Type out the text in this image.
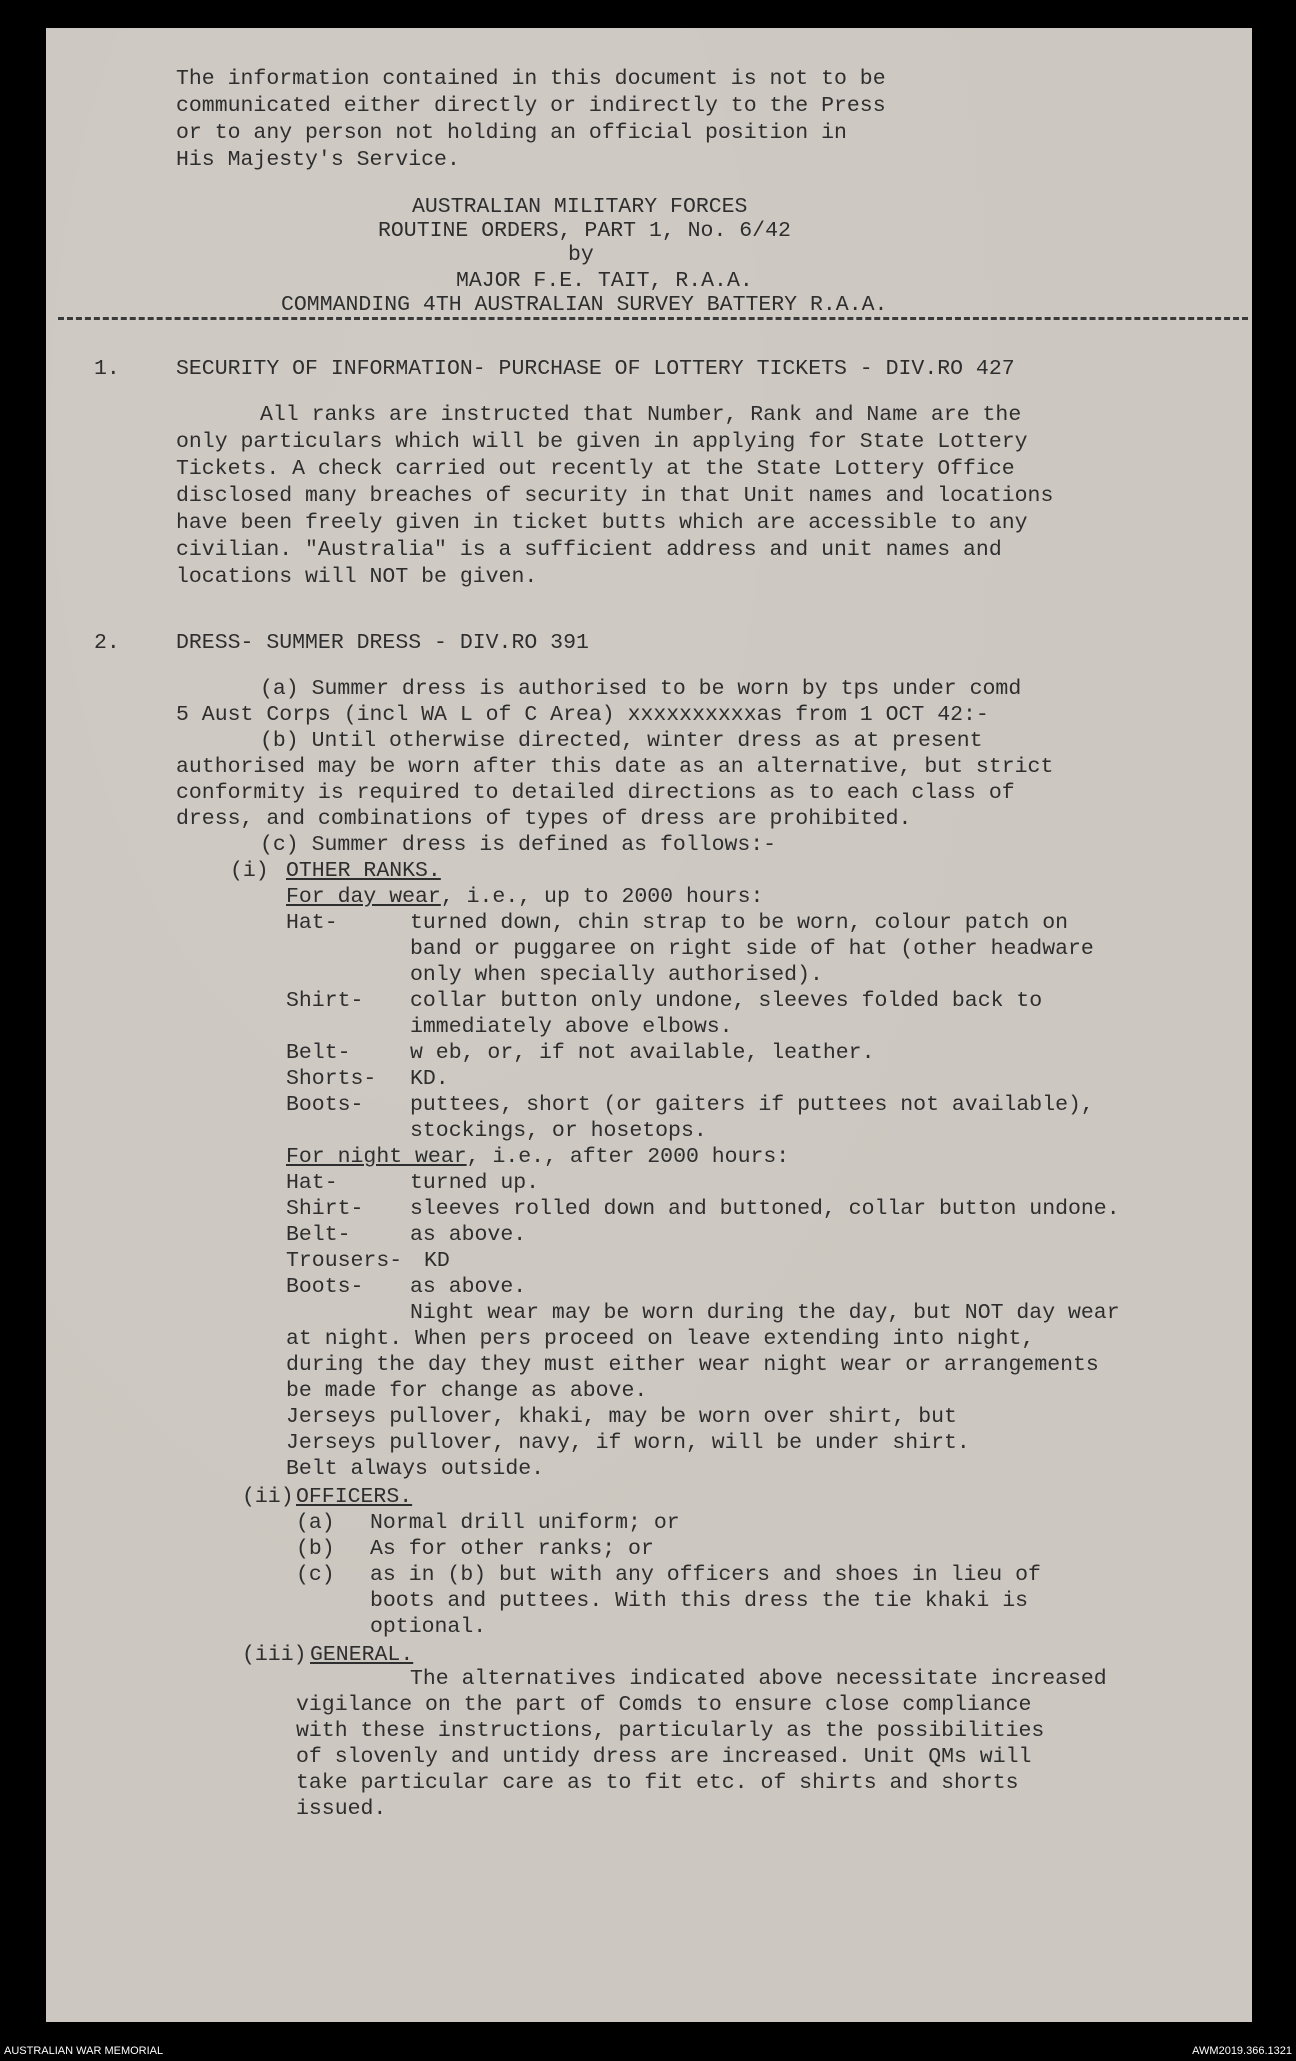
The information contained in this document is not to be
communicated either directly or indirectly to the Press
or to any person not holding an official position in
His Majesty's Service.
AUSTRALIAN MILITARY FORCES
ROUTINE ORDERS, PART 1, No. 6/42
by
MAJOR F.E. TAIT, R.A.A.
COMMANDING 4TH AUSTRALIAN SURVEY BATTERY R.A.A.
1.	SECURITY OF INFORMATION- PURCHASE OF LOTTERY TICKETS - DIV.RO 427
All ranks are instructed that Number, Rank and Name are the
only particulars which will be given in applying for State Lottery
Tickets. A check carried out recently at the State Lottery Office
disclosed many breaches of security in that Unit names and locations
have been freely given in ticket butts which are accessible to any
civilian. "Australia" is a sufficient address and unit names and
locations will NOT be given.
2.	DRESS- SUMMER DRESS - DIV.RO 391
(a) Summer dress is authorised to be worn by tps under comd
5 Aust Corps (incl WA L of C Area) xxxxxxxxxxas from 1 OCT 42:-
(b) Until otherwise directed, winter dress as at present
authorised may be worn after this date as an alternative, but strict
conformity is required to detailed directions as to each class of
dress, and combinations of types of dress are prohibited.
(c) Summer dress is defined as follows:-
(i) OTHER RANKS.
For day wear, i.e., up to 2000 hours:
Hat-	turned down, chin strap to be worn, colour patch on
band or puggaree on right side of hat (other headware
only when specially authorised).
Shirt- collar button only undone, sleeves folded back to
immediately above elbows.
Belt-	w eb, or, if not available, leather.
Shorts- KD.
Boots- puttees, short (or gaiters if puttees not available),
stockings, or hosetops.
For night wear, i.e., after 2000 hours:
Hat-	turned up.
Shirt- sleeves rolled down and buttoned, collar button undone.
Belt-	as above.
Trousers- KD
Boots- as above.
Night wear may be worn during the day, but NOT day wear
at night. When pers proceed on leave extending into night,
during the day they must either wear night wear or arrangements
be made for change as above.
Jerseys pullover, khaki, may be worn over shirt, but
Jerseys pullover, navy, if worn, will be under shirt.
Belt always outside.
(ii) OFFICERS.
(a) Normal drill uniform; or
(b) As for other ranks; or
(c) as in (b) but with any officers and shoes in lieu of
boots and puttees. With this dress the tie khaki is
optional.
(iii) GENERAL.
The alternatives indicated above necessitate increased
vigilance on the part of Comds to ensure close compliance
with these instructions, particularly as the possibilities
of slovenly and untidy dress are increased. Unit QMs will
take particular care as to fit etc. of shirts and shorts
issued.
AUSTRALIAN WAR MEMORIAL	AWM2019.366.1321
